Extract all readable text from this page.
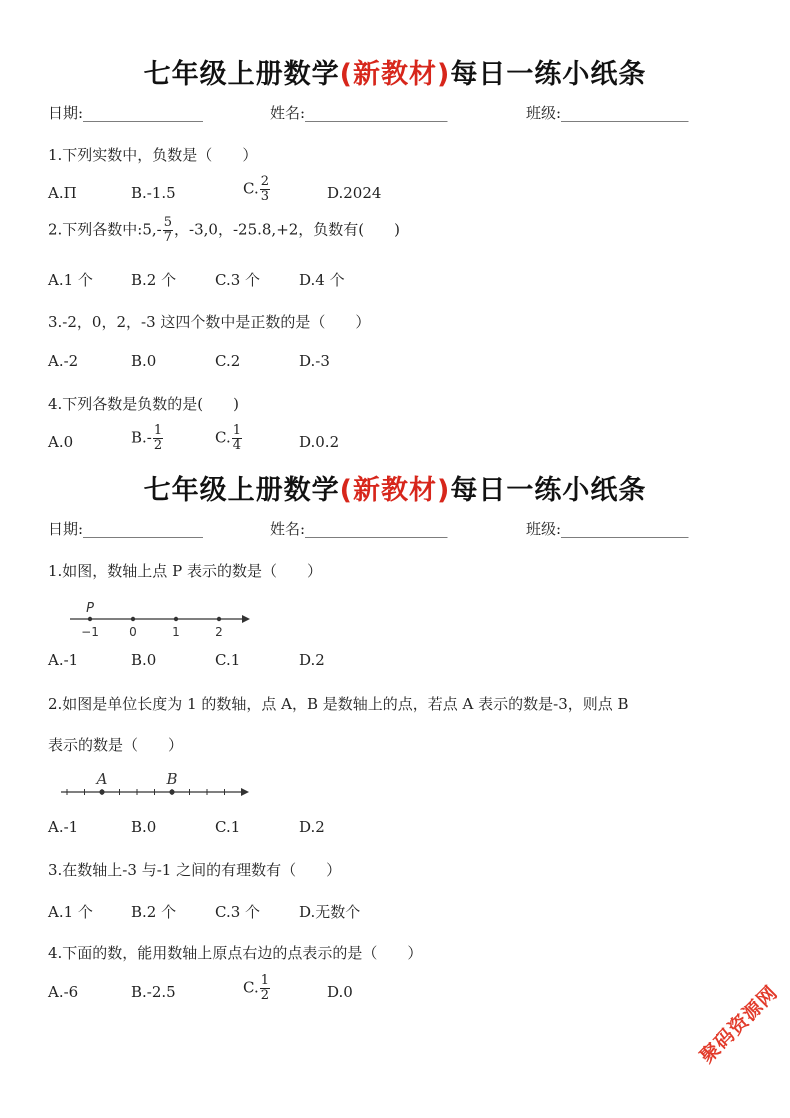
七年级上册数学(新教材)每日一练小纸条
日期:________________	姓名:___________________	班级:_________________
1.下列实数中，负数是（　　）
A.Π	B.-1.5	C. $\frac{2}{3}$	D.2024
2.下列各数中:5,- $\frac{5}{7}$ ，-3,0，-25.8,+2，负数有(　　)
A.1 个	B.2 个	C.3 个	D.4 个
3.-2，0，2，-3 这四个数中是正数的是（　　）
A.-2	B.0	C.2	D.-3
4.下列各数是负数的是(　　)
A.0	$B.- \frac{1}{2}$	C. $\frac{1}{4}$	D.0.2
七年级上册数学(新教材)每日一练小纸条
日期:________________	姓名:___________________	班级:_________________
1.如图，数轴上点 P 表示的数是（　　）
P
−1	0	1	2
A.-1	B.0	C.1	D.2
2.如图是单位长度为 1 的数轴，点 A，B 是数轴上的点，若点 A 表示的数是-3，则点 B
表示的数是（　　）
A	B
A.-1	B.0	C.1	D.2
3.在数轴上-3 与-1 之间的有理数有（　　）
A.1 个	B.2 个	C.3 个	D.无数个
4.下面的数，能用数轴上原点右边的点表示的是（　　）
A.-6	B.-2.5	C. $\frac{1}{2}$	D.0	聚码资源网
